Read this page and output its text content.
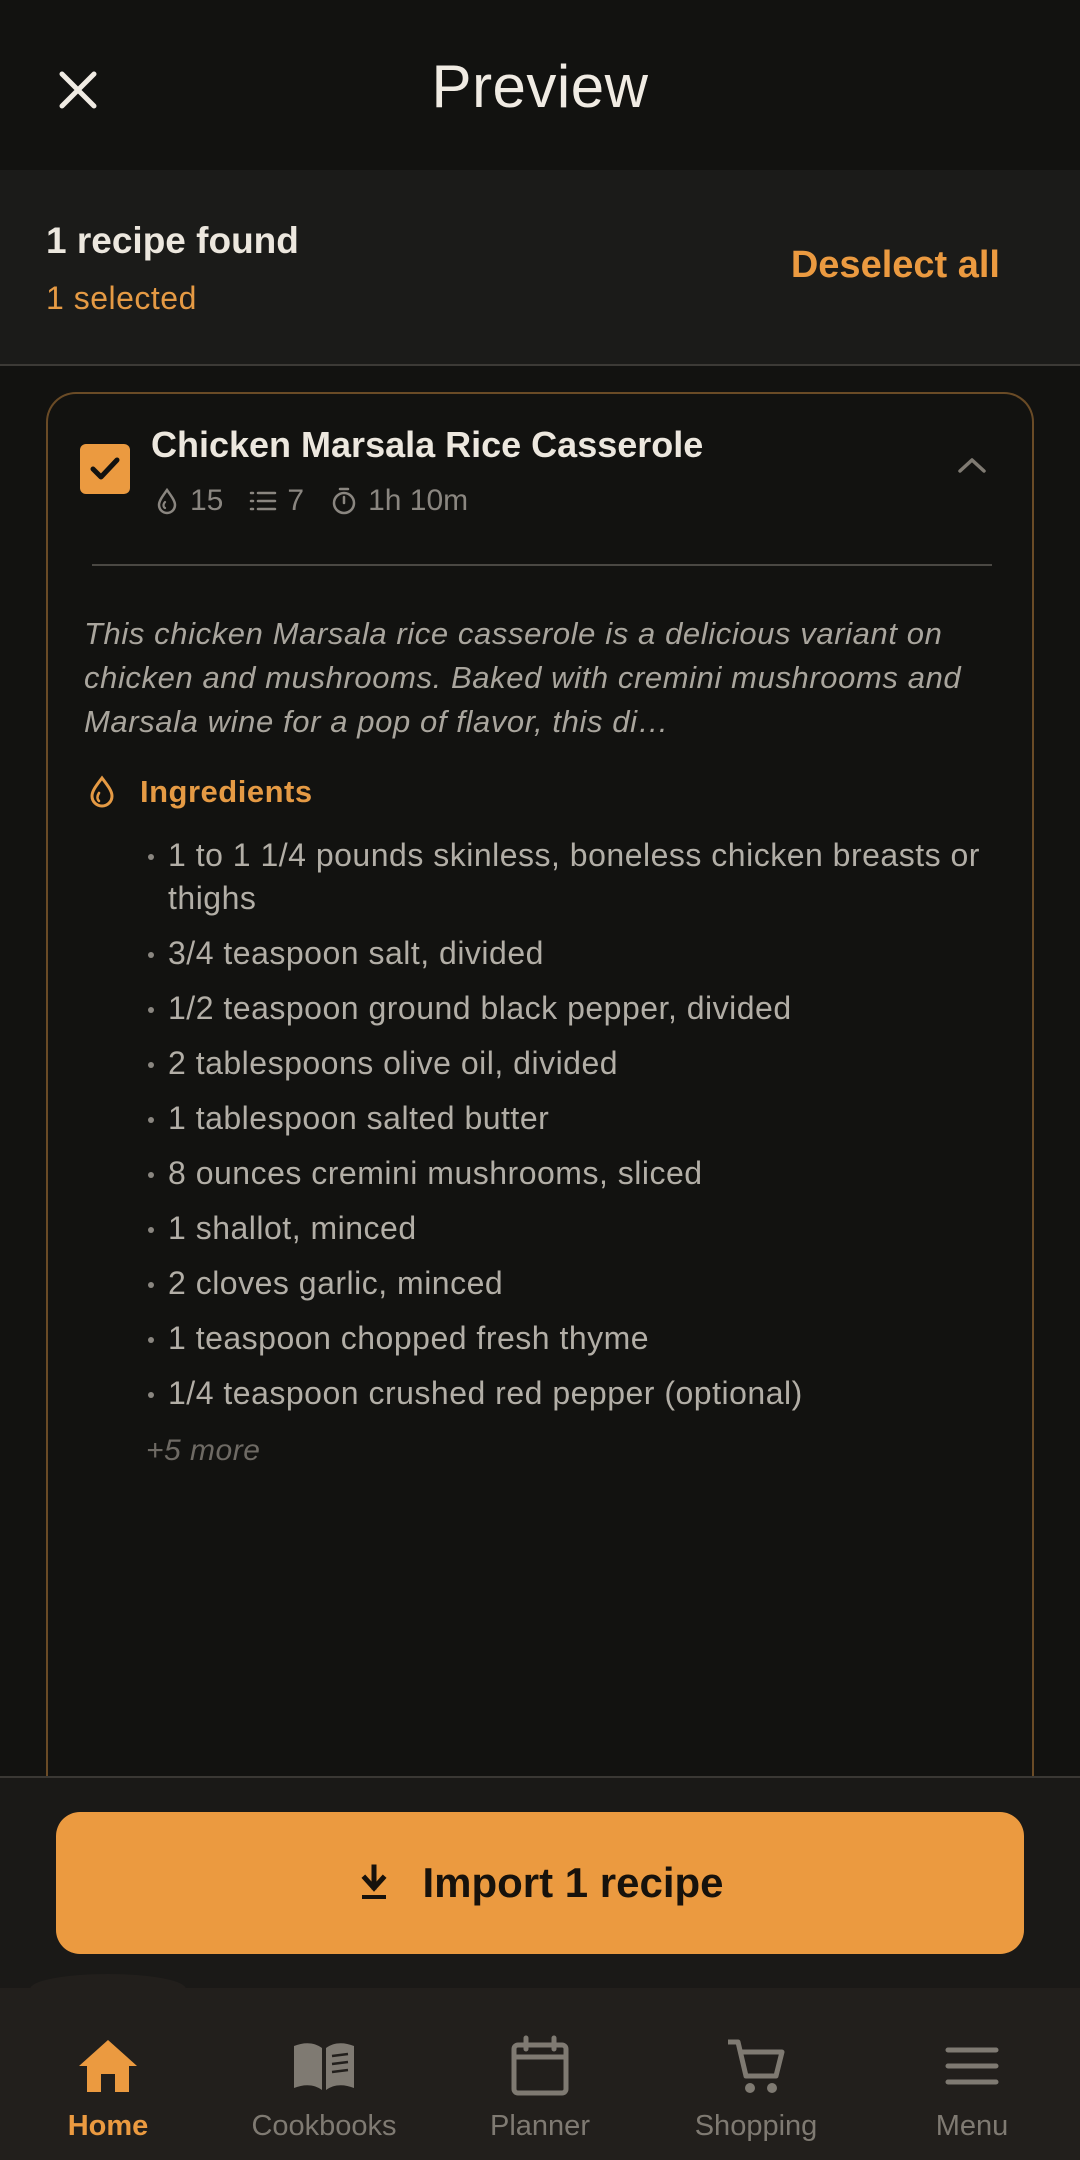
Preview
1 recipe found
1 selected
Deselect all
Chicken Marsala Rice Casserole
15 7 1h 10m
This chicken Marsala rice casserole is a delicious variant on chicken and mushrooms. Baked with cremini mushrooms and Marsala wine for a pop of flavor, this di…
Ingredients
1 to 1 1/4 pounds skinless, boneless chicken breasts or thighs
3/4 teaspoon salt, divided
1/2 teaspoon ground black pepper, divided
2 tablespoons olive oil, divided
1 tablespoon salted butter
8 ounces cremini mushrooms, sliced
1 shallot, minced
2 cloves garlic, minced
1 teaspoon chopped fresh thyme
1/4 teaspoon crushed red pepper (optional)
+5 more
Import 1 recipe
Home	Cookbooks	Planner	Shopping	Menu
